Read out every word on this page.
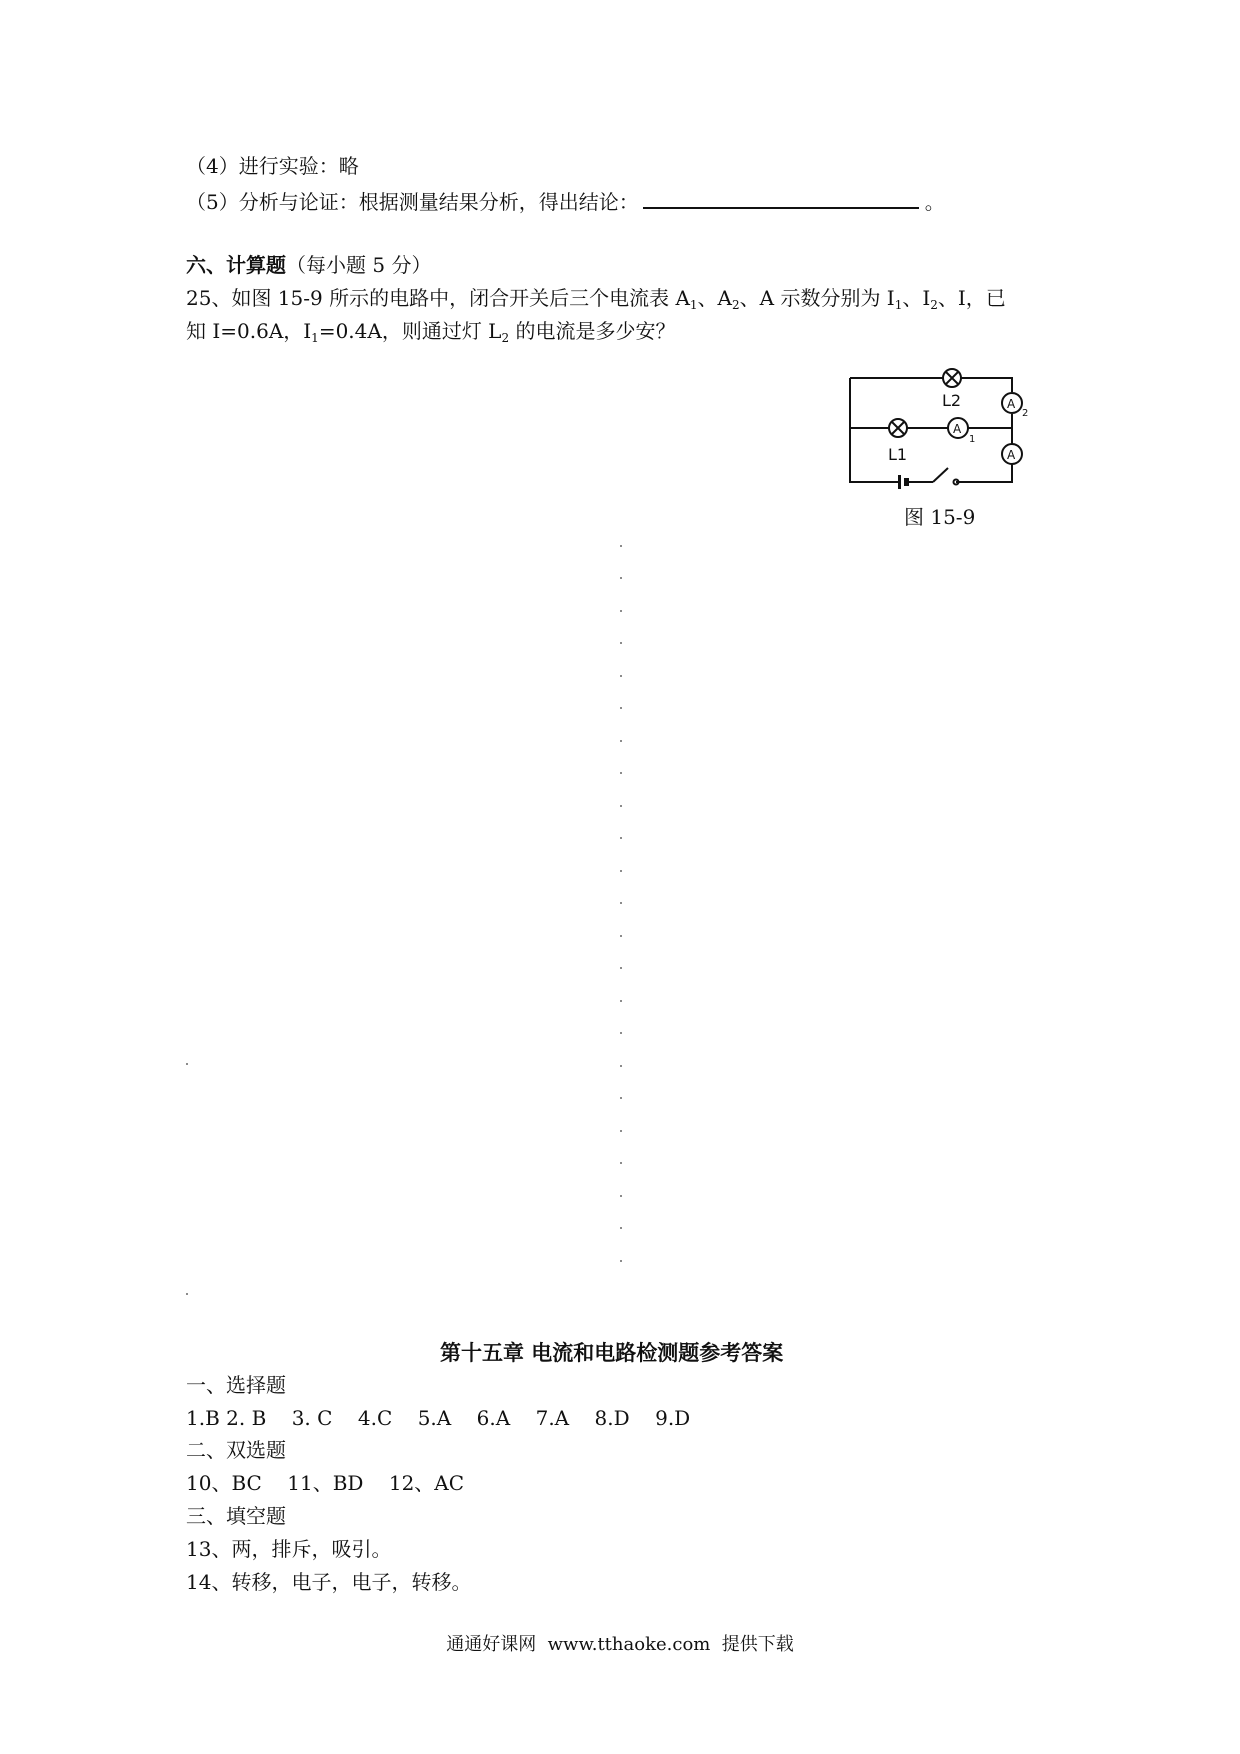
（4）进行实验：略
（5）分析与论证：根据测量结果分析，得出结论：	。
六、计算题（每小题 5 分）
25、如图 15-9 所示的电路中，闭合开关后三个电流表 $A_1$、$A_2$、A 示数分别为 $I_1$、$I_2$、I，已
知 I=0.6A，$I_1=0.4A$，则通过灯 $L_2$ 的电流是多少安？
L2
L1
A
2
A
1
A
图 15-9
第十五章 电流和电路检测题参考答案
一、选择题
1.B 2. B    3. C    4.C    5.A    6.A    7.A    8.D    9.D
二、双选题
10、BC    11、BD    12、AC
三、填空题
13、两，排斥，吸引。
14、转移，电子，电子，转移。
通通好课网  www.tthaoke.com  提供下载
